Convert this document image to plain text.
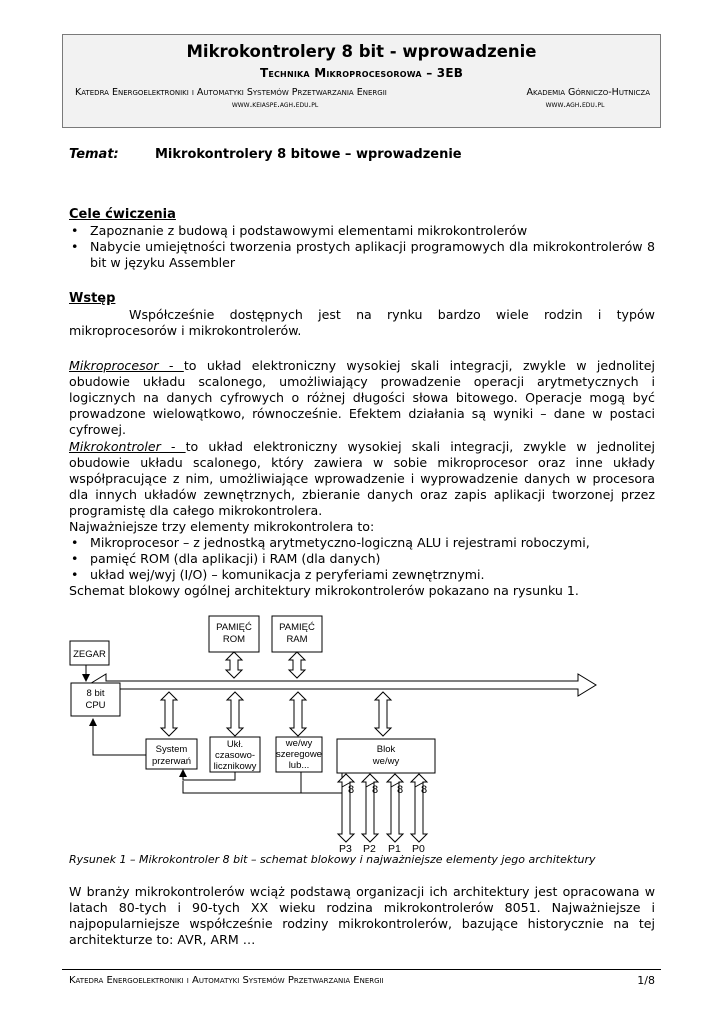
Mikrokontrolery 8 bit - wprowadzenie
Technika Mikroprocesorowa – 3EB
Katedra Energoelektroniki i Automatyki Systemów Przetwarzania Energii
www.keiaspe.agh.edu.pl
Akademia Górniczo-Hutnicza
www.agh.edu.pl
Temat:	Mikrokontrolery 8 bitowe – wprowadzenie
Cele ćwiczenia
• Zapoznanie z budową i podstawowymi elementami mikrokontrolerów
• Nabycie umiejętności tworzenia prostych aplikacji programowych dla mikrokontrolerów 8 bit w języku Assembler
Wstęp
Współcześnie dostępnych jest na rynku bardzo wiele rodzin i typów mikroprocesorów i mikrokontrolerów.
Mikroprocesor - to układ elektroniczny wysokiej skali integracji, zwykle w jednolitej obudowie układu scalonego, umożliwiający prowadzenie operacji arytmetycznych i logicznych na danych cyfrowych o różnej długości słowa bitowego. Operacje mogą być prowadzone wielowątkowo, równocześnie. Efektem działania są wyniki – dane w postaci cyfrowej.
Mikrokontroler - to układ elektroniczny wysokiej skali integracji, zwykle w jednolitej obudowie układu scalonego, który zawiera w sobie mikroprocesor oraz inne układy współpracujące z nim, umożliwiające wprowadzenie i wyprowadzenie danych w procesora dla innych układów zewnętrznych, zbieranie danych oraz zapis aplikacji tworzonej przez programistę dla całego mikrokontrolera.
Najważniejsze trzy elementy mikrokontrolera to:
• Mikroprocesor – z jednostką arytmetyczno-logiczną ALU i rejestrami roboczymi,
• pamięć ROM (dla aplikacji) i RAM (dla danych)
• układ wej/wyj (I/O) – komunikacja z peryferiami zewnętrznymi.
Schemat blokowy ogólnej architektury mikrokontrolerów pokazano na rysunku 1.
ZEGAR
8 bit
CPU
PAMIĘĆ
ROM
PAMIĘĆ
RAM
System
przerwań
Ukł.
czasowo-
licznikowy
we/wy
szeregowe
lub...
Blok
we/wy
8 8 8 8
P3 P2 P1 P0
Rysunek 1 – Mikrokontroler 8 bit – schemat blokowy i najważniejsze elementy jego architektury
W branży mikrokontrolerów wciąż podstawą organizacji ich architektury jest opracowana w latach 80-tych i 90-tych XX wieku rodzina mikrokontrolerów 8051. Najważniejsze i najpopularniejsze współcześnie rodziny mikrokontrolerów, bazujące historycznie na tej architekturze to: AVR, ARM …
Katedra Energoelektroniki i Automatyki Systemów Przetwarzania Energii	1/8
